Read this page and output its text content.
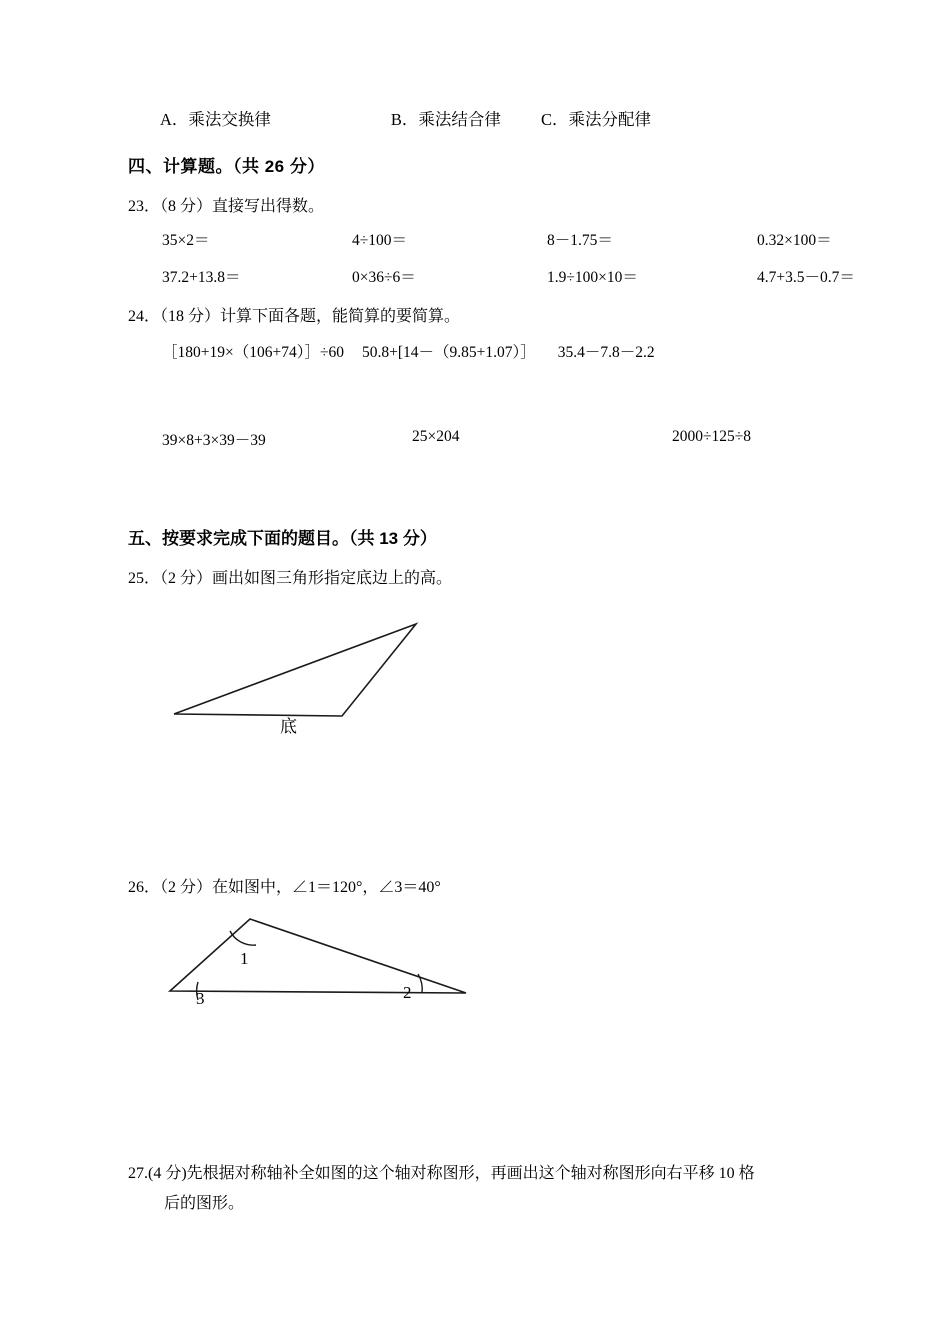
A．乘法交换律	B．乘法结合律 C．乘法分配律
四、计算题。（共 26 分）
23．（8 分）直接写出得数。
35×2＝	4÷100＝	8－1.75＝	0.32×100＝
37.2+13.8＝	0×36÷6＝	1.9÷100×10＝	4.7+3.5－0.7＝
24．（18 分）计算下面各题，能简算的要简算。
［180+19×（106+74）］÷60 50.8+[14－（9.85+1.07）］ 35.4－7.8－2.2
39×8+3×39－39	25×204	2000÷125÷8
五、按要求完成下面的题目。（共 13 分）
25．（2 分）画出如图三角形指定底边上的高。
底
26．（2 分）在如图中，∠1＝120°，∠3＝40°
1
3	2
27.(4 分)先根据对称轴补全如图的这个轴对称图形，再画出这个轴对称图形向右平移 10 格
后的图形。
